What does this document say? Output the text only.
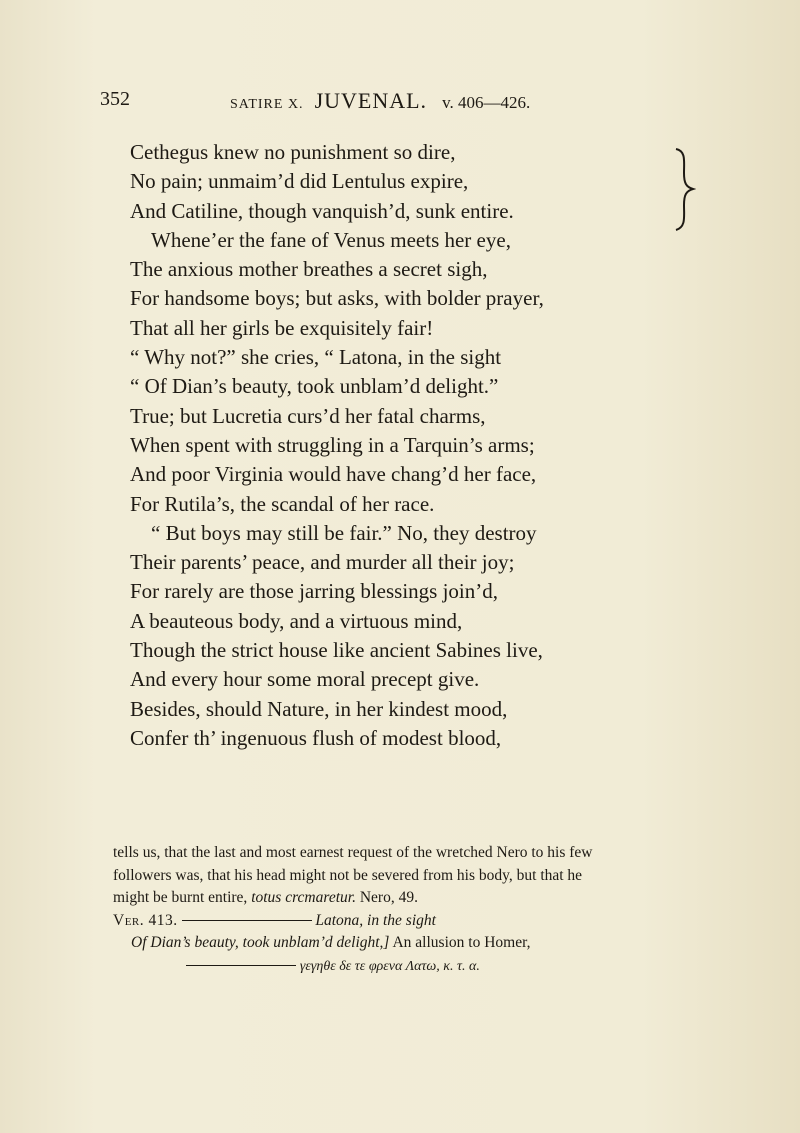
352	SATIRE X. JUVENAL. v. 406—426.
Cethegus knew no punishment so dire,
No pain; unmaim’d did Lentulus expire,
And Catiline, though vanquish’d, sunk entire.
Whene’er the fane of Venus meets her eye,
The anxious mother breathes a secret sigh,
For handsome boys; but asks, with bolder prayer,
That all her girls be exquisitely fair!
“ Why not?” she cries, “ Latona, in the sight
“ Of Dian’s beauty, took unblam’d delight.”
True; but Lucretia curs’d her fatal charms,
When spent with struggling in a Tarquin’s arms;
And poor Virginia would have chang’d her face,
For Rutila’s, the scandal of her race.
“ But boys may still be fair.” No, they destroy
Their parents’ peace, and murder all their joy;
For rarely are those jarring blessings join’d,
A beauteous body, and a virtuous mind,
Though the strict house like ancient Sabines live,
And every hour some moral precept give.
Besides, should Nature, in her kindest mood,
Confer th’ ingenuous flush of modest blood,
tells us, that the last and most earnest request of the wretched Nero to his few
followers was, that his head might not be severed from his body, but that he
might be burnt entire, totus crcmaretur. Nero, 49.
Ver. 413.	Latona, in the sight
Of Dian’s beauty, took unblam’d delight,] An allusion to Homer,
γεγηθε δε τε φρενα Λατω, κ. τ. α.
